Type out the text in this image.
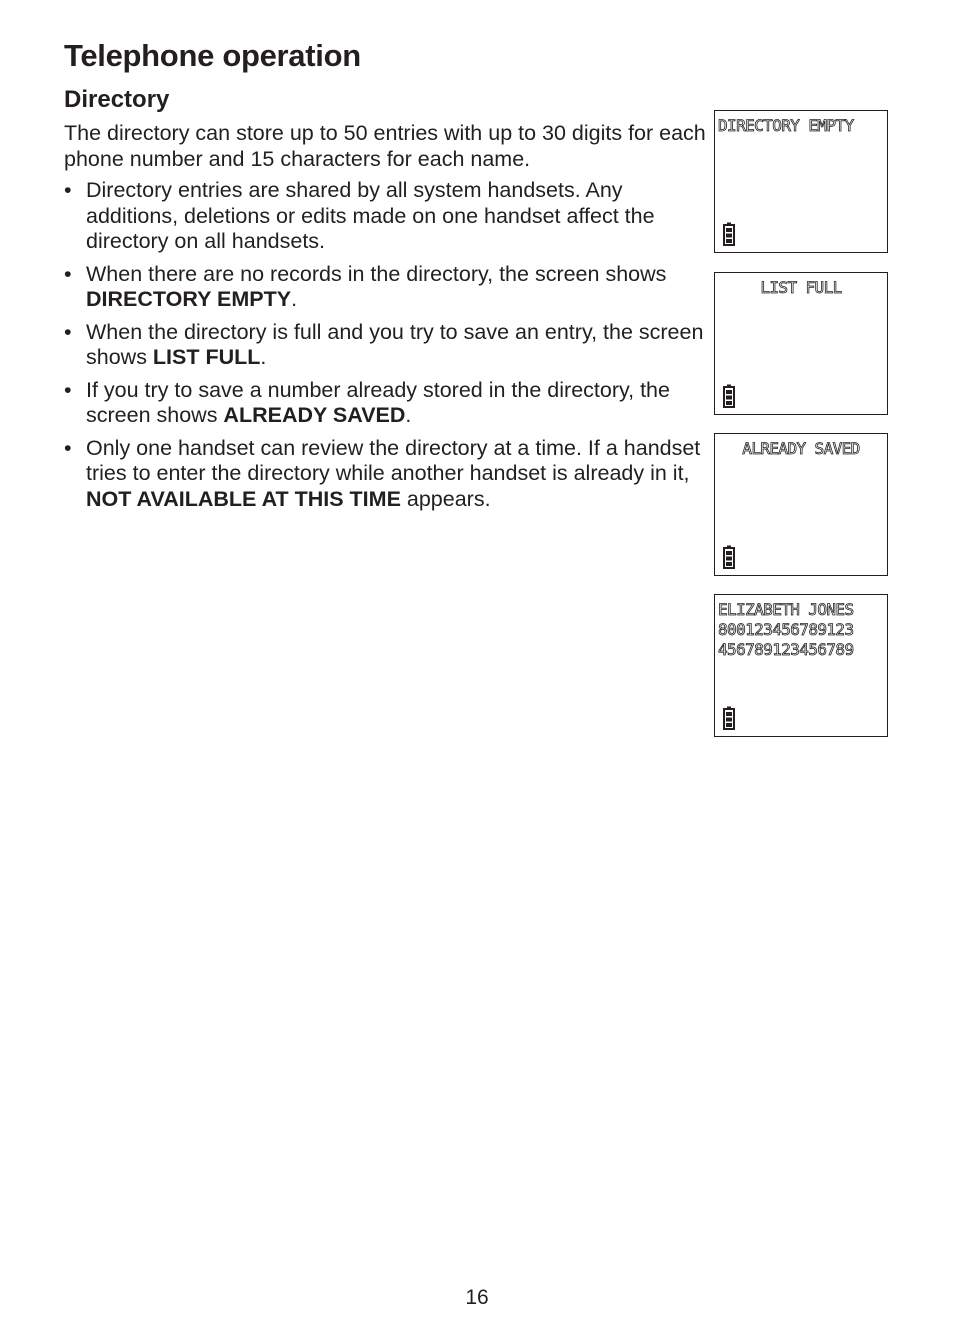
Telephone operation
Directory

The directory can store up to 50 entries with up to 30 digits for each phone number and 15 characters for each name.

• Directory entries are shared by all system handsets. Any additions, deletions or edits made on one handset affect the directory on all handsets.
• When there are no records in the directory, the screen shows DIRECTORY EMPTY.
• When the directory is full and you try to save an entry, the screen shows LIST FULL.
• If you try to save a number already stored in the directory, the screen shows ALREADY SAVED.
• Only one handset can review the directory at a time. If a handset tries to enter the directory while another handset is already in it, NOT AVAILABLE AT THIS TIME appears.
DIRECTORY EMPTY
LIST FULL
ALREADY SAVED
ELIZABETH JONES
800123456789123
456789123456789
16
